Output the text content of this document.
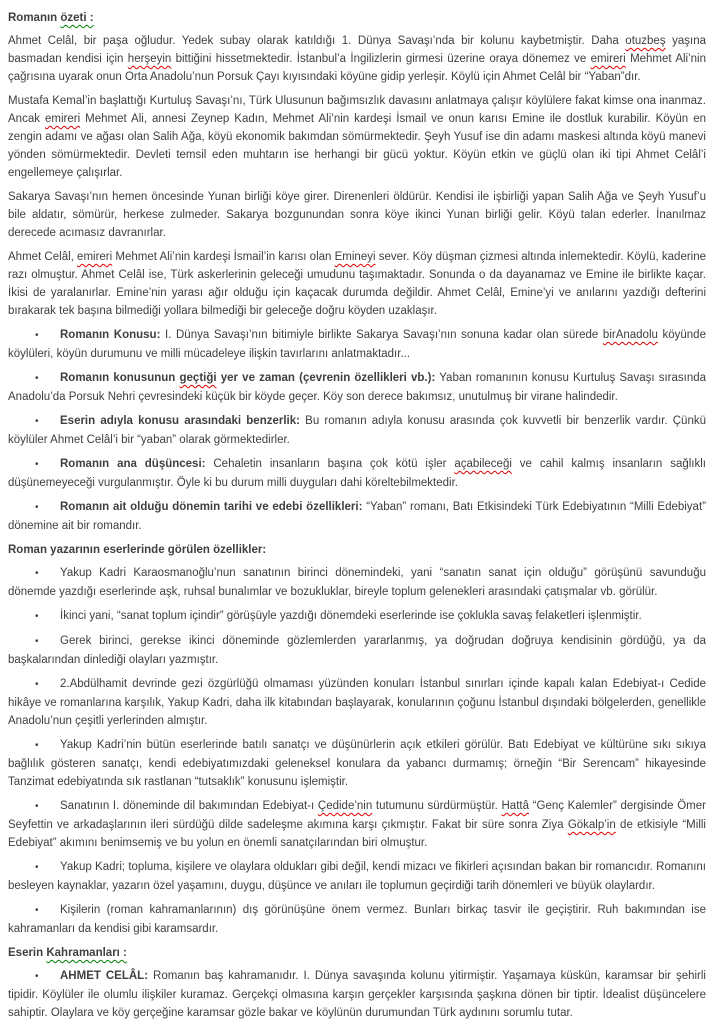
Romanın özeti :

Ahmet Celâl, bir paşa oğludur. Yedek subay olarak katıldığı 1. Dünya Savaşı’nda bir kolunu kaybetmiştir. Daha otuzbeş yaşına basmadan kendisi için herşeyin bittiğini hissetmektedir. İstanbul’a İngilizlerin girmesi üzerine oraya dönemez ve emireri Mehmet Ali’nin çağrısına uyarak onun Orta Anadolu’nun Porsuk Çayı kıyısındaki köyüne gidip yerleşir. Köylü için Ahmet Celâl bir “Yaban”dır.

Mustafa Kemal’in başlattığı Kurtuluş Savaşı’nı, Türk Ulusunun bağımsızlık davasını anlatmaya çalışır köylülere fakat kimse ona inanmaz. Ancak emireri Mehmet Ali, annesi Zeynep Kadın, Mehmet Ali’nin kardeşi İsmail ve onun karısı Emine ile dostluk kurabilir. Köyün en zengin adamı ve ağası olan Salih Ağa, köyü ekonomik bakımdan sömürmektedir. Şeyh Yusuf ise din adamı maskesi altında köyü manevi yönden sömürmektedir. Devleti temsil eden muhtarın ise herhangi bir gücü yoktur. Köyün etkin ve güçlü olan iki tipi Ahmet Celâl’i engellemeye çalışırlar.

Sakarya Savaşı’nın hemen öncesinde Yunan birliği köye girer. Direnenleri öldürür. Kendisi ile işbirliği yapan Salih Ağa ve Şeyh Yusuf’u bile aldatır, sömürür, herkese zulmeder. Sakarya bozgunundan sonra köye ikinci Yunan birliği gelir. Köyü talan ederler. İnanılmaz derecede acımasız davranırlar.

Ahmet Celâl, emireri Mehmet Ali’nin kardeşi İsmail’in karısı olan Emineyi sever. Köy düşman çizmesi altında inlemektedir. Köylü, kaderine razı olmuştur. Ahmet Celâl ise, Türk askerlerinin geleceği umudunu taşımaktadır. Sonunda o da dayanamaz ve Emine ile birlikte kaçar. İkisi de yaralanırlar. Emine’nin yarası ağır olduğu için kaçacak durumda değildir. Ahmet Celâl, Emine’yi ve anılarını yazdığı defterini bırakarak tek başına bilmediği yollara bilmediği bir geleceğe doğru köyden uzaklaşır.

• Romanın Konusu: I. Dünya Savaşı’nın bitimiyle birlikte Sakarya Savaşı’nın sonuna kadar olan sürede birAnadolu köyünde köylüleri, köyün durumunu ve milli mücadeleye ilişkin tavırlarını anlatmaktadır...

• Romanın konusunun geçtiği yer ve zaman (çevrenin özellikleri vb.): Yaban romanının konusu Kurtuluş Savaşı sırasında Anadolu’da Porsuk Nehri çevresindeki küçük bir köyde geçer. Köy son derece bakımsız, unutulmuş bir virane halindedir.

• Eserin adıyla konusu arasındaki benzerlik: Bu romanın adıyla konusu arasında çok kuvvetli bir benzerlik vardır. Çünkü köylüler Ahmet Celâl’i bir “yaban” olarak görmektedirler.

• Romanın ana düşüncesi: Cehaletin insanların başına çok kötü işler açabileceği ve cahil kalmış insanların sağlıklı düşünemeyeceği vurgulanmıştır. Öyle ki bu durum milli duyguları dahi köreltebilmektedir.

• Romanın ait olduğu dönemin tarihi ve edebi özellikleri: “Yaban” romanı, Batı Etkisindeki Türk Edebiyatının “Milli Edebiyat” dönemine ait bir romandır.

Roman yazarının eserlerinde görülen özellikler:

• Yakup Kadri Karaosmanoğlu’nun sanatının birinci dönemindeki, yani “sanatın sanat için olduğu” görüşünü savunduğu dönemde yazdığı eserlerinde aşk, ruhsal bunalımlar ve bozukluklar, bireyle toplum gelenekleri arasındaki çatışmalar vb. görülür.

• İkinci yani, “sanat toplum içindir” görüşüyle yazdığı dönemdeki eserlerinde ise çoklukla savaş felaketleri işlenmiştir.

• Gerek birinci, gerekse ikinci döneminde gözlemlerden yararlanmış, ya doğrudan doğruya kendisinin gördüğü, ya da başkalarından dinlediği olayları yazmıştır.

• 2.Abdülhamit devrinde gezi özgürlüğü olmaması yüzünden konuları İstanbul sınırları içinde kapalı kalan Edebiyat-ı Cedide hikâye ve romanlarına karşılık, Yakup Kadri, daha ilk kitabından başlayarak, konularının çoğunu İstanbul dışındaki bölgelerden, genellikle Anadolu’nun çeşitli yerlerinden almıştır.

• Yakup Kadri’nin bütün eserlerinde batılı sanatçı ve düşünürlerin açık etkileri görülür. Batı Edebiyat ve kültürüne sıkı sıkıya bağlılık gösteren sanatçı, kendi edebiyatımızdaki geleneksel konulara da yabancı durmamış; örneğin “Bir Serencam” hikayesinde Tanzimat edebiyatında sık rastlanan “tutsaklık” konusunu işlemiştir.

• Sanatının I. döneminde dil bakımından Edebiyat-ı Çedide’nin tutumunu sürdürmüştür. Hattâ “Genç Kalemler” dergisinde Ömer Seyfettin ve arkadaşlarının ileri sürdüğü dilde sadeleşme akımına karşı çıkmıştır. Fakat bir süre sonra Ziya Gökalp’in de etkisiyle “Milli Edebiyat” akımını benimsemiş ve bu yolun en önemli sanatçılarından biri olmuştur.

• Yakup Kadri; topluma, kişilere ve olaylara oldukları gibi değil, kendi mizacı ve fikirleri açısından bakan bir romancıdır. Romanını besleyen kaynaklar, yazarın özel yaşamını, duygu, düşünce ve anıları ile toplumun geçirdiği tarih dönemleri ve büyük olaylardır.

• Kişilerin (roman kahramanlarının) dış görünüşüne önem vermez. Bunları birkaç tasvir ile geçiştirir. Ruh bakımından ise kahramanları da kendisi gibi karamsardır.

Eserin Kahramanları :

• AHMET CELÂL: Romanın baş kahramanıdır. I. Dünya savaşında kolunu yitirmiştir. Yaşamaya küskün, karamsar bir şehirli tipidir. Köylüler ile olumlu ilişkiler kuramaz. Gerçekçi olmasına karşın gerçekler karşısında şaşkına dönen bir tiptir. İdealist düşüncelere sahiptir. Olaylara ve köy gerçeğine karamsar gözle bakar ve köylünün durumundan Türk aydınını sorumlu tutar.
